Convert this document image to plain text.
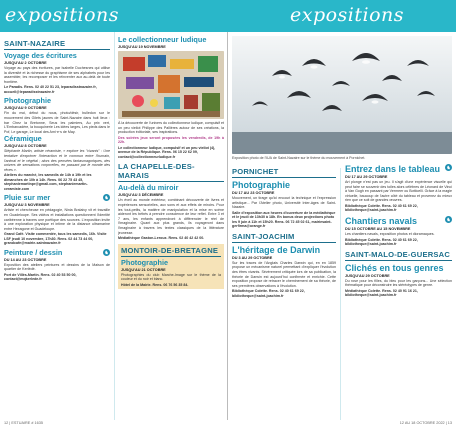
expositions	expositions
SAINT-NAZAIRE
Voyage des écritures
JUSQU'AU 2 OCTOBRE

Voyage au pays des écritures, par Isabelle Duchesnes qui utilise la diversité et la richesse du graphisme de ses alphabets pour les assembler, les recomposer et les réinventer aux au-delà de toute frontière.

Le Paradis. Rens. 02 40 22 51 23, leparadisstnazaire.fr, accueil@leparadisstnazaire.fr

Photographie
JUSQU'AU 9 OCTOBRE

Fin du moi, début du nous, photo/désir, bulledon sur le mouvement des Gilets jaunes de Saint-Nazaire dans huit lieux : bar Chez la Bretonne, Seus les palmiers, Au prix vert, L'Embarcadère, la bouquinerie Les idées larges, Les pieds dans le Pof, Le garage, Le local des Ami·e·s de May.

Céramique
JUSQU'AU 8 OCTOBRE

Stéphanie Martin, artiste céramiste, « explore les "vivants" : Une tentative d'exprimer l'interaction et le commun entre l'humain, l'animal et le végétal ; alors des pensées fantasmagoriques, des univers de sensations corporelles, en passant par le monde des rêves ».

Ateliers du marché, les samedis de 14h à 19h et les dimanches de 10h à 14h. Rens. 06 22 75 43 45, stephaniemartinpr@gmail.com, stephaniemartin-ceramiste.com

♞
Pluie sur mer
JUSQU'AU 3 NOVEMBRE

Artiste et chercheuse en pédagogie, Ninia Bralaivy vit et travaille en Guadeloupe. Ses vidéos et installations questionnent l'identité caribéenne à travers une poétique des sources. L'exposition invite à une exploration physique et intime de la distance ultramarine entre Hexagone et Guadeloupe.

Grand Café. Visite commentée, tous les samedis, 16h. Visite LSF jeudi 10 novembre, 17h30. Rens. 02 44 73 44 00, grandcafe@mairie-saintnazaire.fr

♞
Peinture / dessin
DU 14 AU 23 OCTOBRE

Exposition des ateliers peintures et dessins de la Maison de quartier de Kerlédé.

Port de Villès-Martin. Rens. 02 40 53 50 00, contact@mqkerlede.fr

Le collectionneur ludique
JUSQU'AU 19 NOVEMBRE

À la découverte de l'univers du collectionneur ludique, compulsif et un peu vieilot Philippe des Pallières autour de ses créations, la production éditoriale, ses inspirations.

Des soirées jeux seront proposées les vendredis, de 19h à 22h.

Le collectionneur ludique, compulsif et un peu vieilot (4), avenue de la République. Rens. 06 15 22 62 09, contact@collectionneurludique.fr

LA CHAPELLE-DES-MARAIS
Au-delà du miroir
JUSQU'AU 3 DÉCEMBRE

Un éveil au monde extérieur, combinant découverte de livres et expériences sensorielles, aux sons et aux effets de miroirs. Pour les tout-petits, la matière de manipulation et la mise en scène aideront les bébés à prendre conscience de leur reflet. Entre 3 et 7 ans, les enfants apprendront à différencier le réel de l'imaginaire. Quant aux plus grands, ils voyageront dans l'imaginaire à travers les textes classiques de la littérature jeunesse.

Médiathèque Gaston-Leroux. Rens. 02 40 42 42 00.

MONTOIR-DE-BRETAGNE
Photographie
JUSQU'AU 21 OCTOBRE

Photographies du club Marche-Image sur le thème de la couleur et du noir et blanc.

Hôtel de la Mairie. Rens. 06 76 56 35 84.

Exposition photo de l'IUA de Saint-Nazaire sur le thème du mouvement à Pornichet.
PORNICHET
Photographie
DU 17 AU 23 OCTOBRE

Mouvement, un tirage qu'ici encouri la technique et l'expression artistique... Par l'Atelier photo, Université Inter-âges de Saint-Nazaire.

Salle d'exposition aux heures d'ouverture de la médiathèque et le jeudi de 13h30 à 18h. En bonus deux projections photo les 9 juin à 11h et 15h20. Rens. 06 72 45 02 61, mairiesaint-gerfirma@orange.fr

SAINT-JOACHIM
L'héritage de Darwin
DU 3 AU 29 OCTOBRE

Sur les traces de l'Anglais Charles Darwin qui, en en 1859 propose un mécanisme naturel permettant d'expliquer l'évolution des êtres vivants. Sévèrement critiquée lors de sa publication, la théorie de Darwin est aujourd'hui confirmée et enrichie. Cette exposition propose de retracer le cheminement de sa théorie, de ses premières observations à l'évolution.

Bibliothèque Colette. Rens. 02 40 61 69 22, bibliotheque@saint-joachim.fr

♞
Entrez dans le tableau
DU 17 AU 29 OCTOBRE

Art plonge n'est pas un jeu. Il s'agit d'une expérience visuelle qui peut faire se souvenir des toiles alors célèbres de Léonard de Vinci à Van Gogh en passant par Vermeer ou Botticelli. Grâce à la magie virtuelle, baucoup de l'autre côté du tableau et provenez du mieux rien que ce soit de grandes œuvres.

Bibliothèque Colette. Rens. 02 40 61 69 22, bibliotheque@saint-joachim.fr

♞
Chantiers navals
DU 15 OCTOBRE AU 15 NOVEMBRE

Les chantiers navals, exposition photos et dioramaques.

Bibliothèque Colette. Rens. 02 40 61 69 22, bibliotheque@saint-joachim.fr

SAINT-MALO-DE-GUERSAC
Clichés en tous genres
JUSQU'AU 29 OCTOBRE

Du rose pour les filles, du bleu pour les garçons... Une sélection thématique pour déconstruire les stéréotypes de genre.

Médiathèque Colette. Rens. 02 40 91 16 21, bibliotheque@saint-joachim.fr

12 | ESTUAIRE # 1635	12 AU 18 OCTOBRE 2022 | 13
